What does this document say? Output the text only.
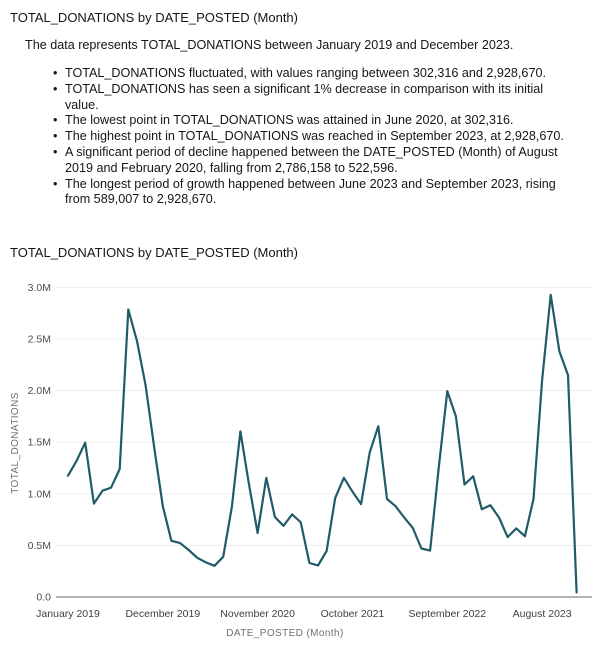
TOTAL_DONATIONS by DATE_POSTED (Month)

The data represents TOTAL_DONATIONS between January 2019 and December 2023.

• TOTAL_DONATIONS fluctuated, with values ranging between 302,316 and 2,928,670.
• TOTAL_DONATIONS has seen a significant 1% decrease in comparison with its initial value.
• The lowest point in TOTAL_DONATIONS was attained in June 2020, at 302,316.
• The highest point in TOTAL_DONATIONS was reached in September 2023, at 2,928,670.
• A significant period of decline happened between the DATE_POSTED (Month) of August 2019 and February 2020, falling from 2,786,158 to 522,596.
• The longest period of growth happened between June 2023 and September 2023, rising from 589,007 to 2,928,670.
TOTAL_DONATIONS by DATE_POSTED (Month)
0.0
0.5M
1.0M
1.5M
2.0M
2.5M
3.0M
January 2019 December 2019 November 2020 October 2021 September 2022	August 2023
TOTAL_DONATIONS
DATE_POSTED (Month)
